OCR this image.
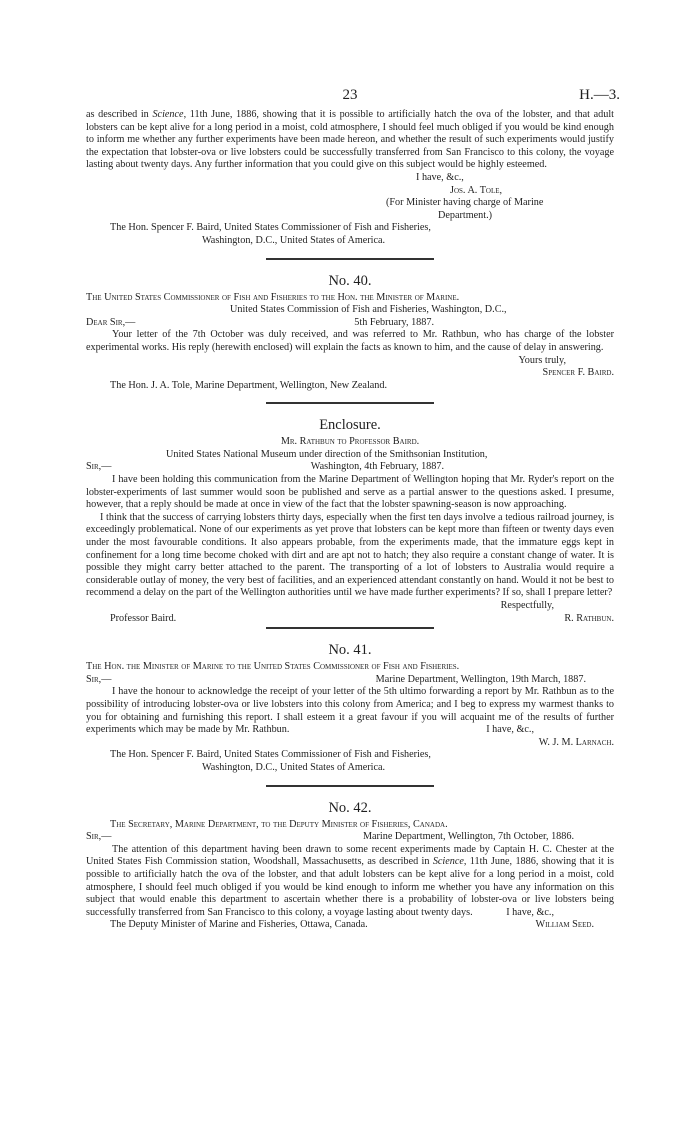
23	H.—3.

as described in Science, 11th June, 1886, showing that it is possible to artificially hatch the ova of the lobster, and that adult lobsters can be kept alive for a long period in a moist, cold atmosphere, I should feel much obliged if you would be kind enough to inform me whether any further experiments have been made hereon, and whether the result of such experiments would justify the expectation that lobster-ova or live lobsters could be successfully transferred from San Francisco to this colony, the voyage lasting about twenty days. Any further information that you could give on this subject would be highly esteemed.

I have, &c.,

Jos. A. Tole,

(For Minister having charge of Marine

Department.)

The Hon. Spencer F. Baird, United States Commissioner of Fish and Fisheries,

Washington, D.C., United States of America.

No. 40.

The United States Commissioner of Fish and Fisheries to the Hon. the Minister of Marine.

United States Commission of Fish and Fisheries, Washington, D.C.,

Dear Sir,—	5th February, 1887.

Your letter of the 7th October was duly received, and was referred to Mr. Rathbun, who has charge of the lobster experimental works. His reply (herewith enclosed) will explain the facts as known to him, and the cause of delay in answering.

Yours truly,

Spencer F. Baird.

The Hon. J. A. Tole, Marine Department, Wellington, New Zealand.

Enclosure.

Mr. Rathbun to Professor Baird.

United States National Museum under direction of the Smithsonian Institution,

Sir,—	Washington, 4th February, 1887.

I have been holding this communication from the Marine Department of Wellington hoping that Mr. Ryder's report on the lobster-experiments of last summer would soon be published and serve as a partial answer to the questions asked. I presume, however, that a reply should be made at once in view of the fact that the lobster spawning-season is now approaching.

I think that the success of carrying lobsters thirty days, especially when the first ten days involve a tedious railroad journey, is exceedingly problematical. None of our experiments as yet prove that lobsters can be kept more than fifteen or twenty days even under the most favourable conditions. It also appears probable, from the experiments made, that the immature eggs kept in confinement for a long time become choked with dirt and are apt not to hatch; they also require a constant change of water. It is possible they might carry better attached to the parent. The transporting of a lot of lobsters to Australia would require a considerable outlay of money, the very best of facilities, and an experienced attendant constantly on hand. Would it not be best to recommend a delay on the part of the Wellington authorities until we have made further experiments? If so, shall I prepare letter?

Respectfully,

Professor Baird.	R. Rathbun.
No. 41.

The Hon. the Minister of Marine to the United States Commissioner of Fish and Fisheries.

Sir,—	Marine Department, Wellington, 19th March, 1887.

I have the honour to acknowledge the receipt of your letter of the 5th ultimo forwarding a report by Mr. Rathbun as to the possibility of introducing lobster-ova or live lobsters into this colony from America; and I beg to express my warmest thanks to you for obtaining and furnishing this report. I shall esteem it a great favour if you will acquaint me of the results of further experiments which may be made by Mr. Rathbun.	I have, &c.,

W. J. M. Larnach.

The Hon. Spencer F. Baird, United States Commissioner of Fish and Fisheries,

Washington, D.C., United States of America.

No. 42.

The Secretary, Marine Department, to the Deputy Minister of Fisheries, Canada.

Sir,—	Marine Department, Wellington, 7th October, 1886.

The attention of this department having been drawn to some recent experiments made by Captain H. C. Chester at the United States Fish Commission station, Woodshall, Massachusetts, as described in Science, 11th June, 1886, showing that it is possible to artificially hatch the ova of the lobster, and that adult lobsters can be kept alive for a long period in a moist, cold atmosphere, I should feel much obliged if you would be kind enough to inform me whether you have any information on this subject that would enable this department to ascertain whether there is a probability of lobster-ova or live lobsters being successfully transferred from San Francisco to this colony, a voyage lasting about twenty days.	I have, &c.,

The Deputy Minister of Marine and Fisheries, Ottawa, Canada.	William Seed.
